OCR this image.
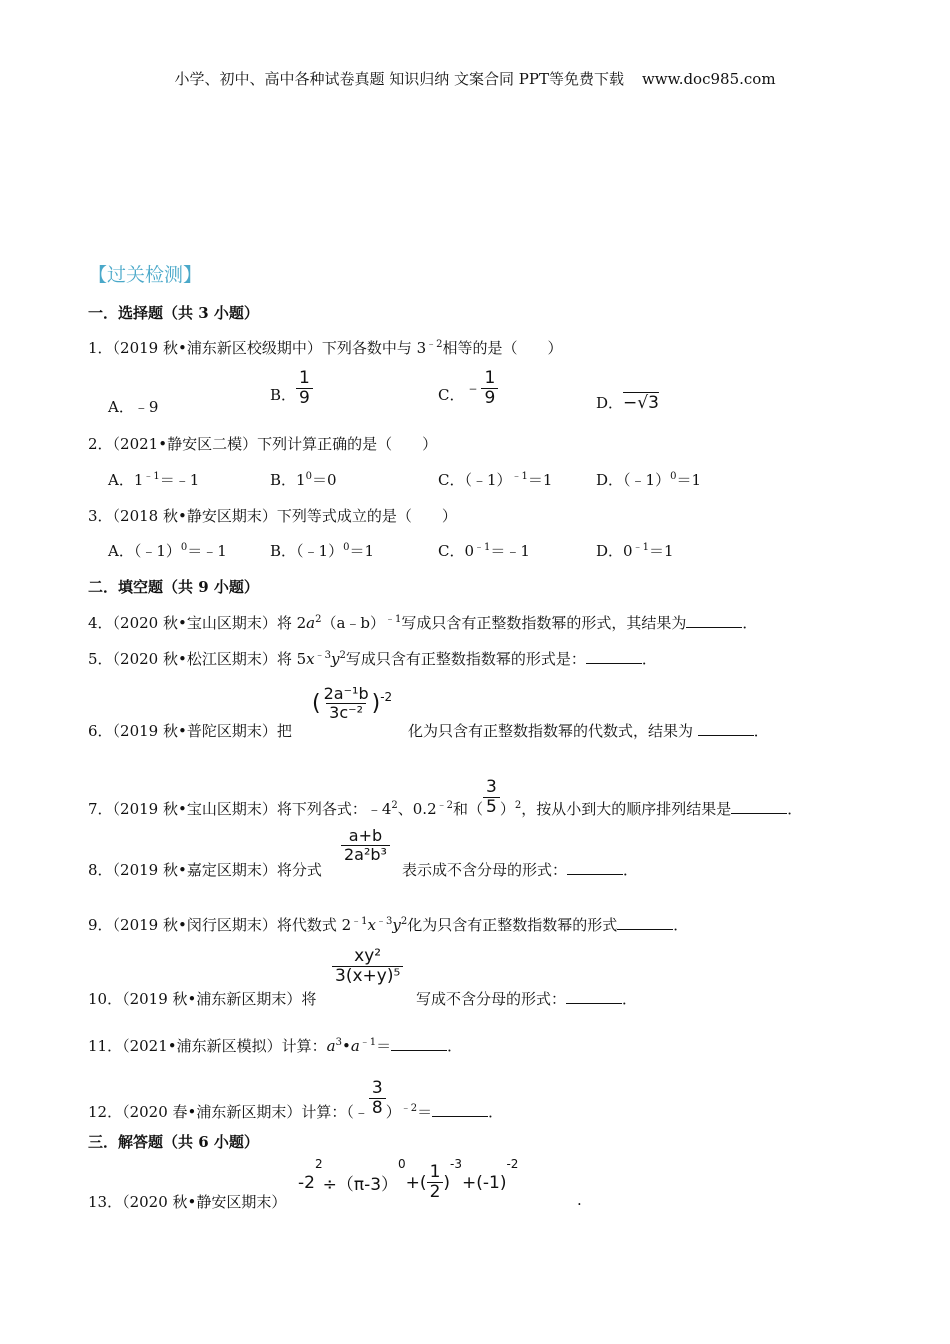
小学、初中、高中各种试卷真题 知识归纳 文案合同 PPT等免费下载 www.doc985.com
【过关检测】
一．选择题（共 3 小题）
1．（2019 秋•浦东新区校级期中）下列各数中与 $3^{﹣2}$相等的是（　　）
A．﹣9
B． $\frac{1}{9}$	C． ﹣ $\frac{1}{9}$	D．−√3
2．（2021•静安区二模）下列计算正确的是（　　）
A．$1^{﹣1}=﹣1$	B．$1^0=0$	C．（﹣1）$^{﹣1}$＝1	D．（﹣1）$^0$＝1
3．（2018 秋•静安区期末）下列等式成立的是（　　）
A．（﹣1）$^0$＝﹣1	B．（﹣1）$^0$＝1	C．$0^{﹣1}=﹣1$	D．$0^{﹣1}=1$
二．填空题（共 9 小题）
4．（2020 秋•宝山区期末）将 $2a^2(a﹣b)^{﹣1}$写成只含有正整数指数幂的形式，其结果为	．
5．（2020 秋•松江区期末）将 $5x^{﹣3}y^2$写成只含有正整数指数幂的形式是：	．
6．（2019 秋•普陀区期末）把
( $\frac{\text{2a⁻¹b}}{\text{3c⁻²}}$ ) -2
化为只含有正整数指数幂的代数式，结果为	．
7．（2019 秋•宝山区期末）将下列各式：$﹣4^2$、$0.2^{﹣2}$和（ $\frac{3}{5} )^2$，按从小到大的顺序排列结果是	．
8．（2019 秋•嘉定区期末）将分式
$\frac{a+b}{\text{2a²b³}}$
表示成不含分母的形式：	．
9．（2019 秋•闵行区期末）将代数式 $2^{﹣1}x^{﹣3}y^2$化为只含有正整数指数幂的形式	．
10．（2019 秋•浦东新区期末）将
$\frac{\text{xy²}}{\text{3(x+y)⁵}}$
写成不含分母的形式：	．
11．（2021•浦东新区模拟）计算：$a^3•a^{﹣1}=$	．
12．（2020 春•浦东新区期末）计算：（﹣ $\frac{3}{8} )^{﹣2}=$	．
三．解答题（共 6 小题）
13．（2020 秋•静安区期末）
-2
2
÷（π-3）
0
+( $\frac{1}{2}$ )
-3
+(-1)
-2
.
